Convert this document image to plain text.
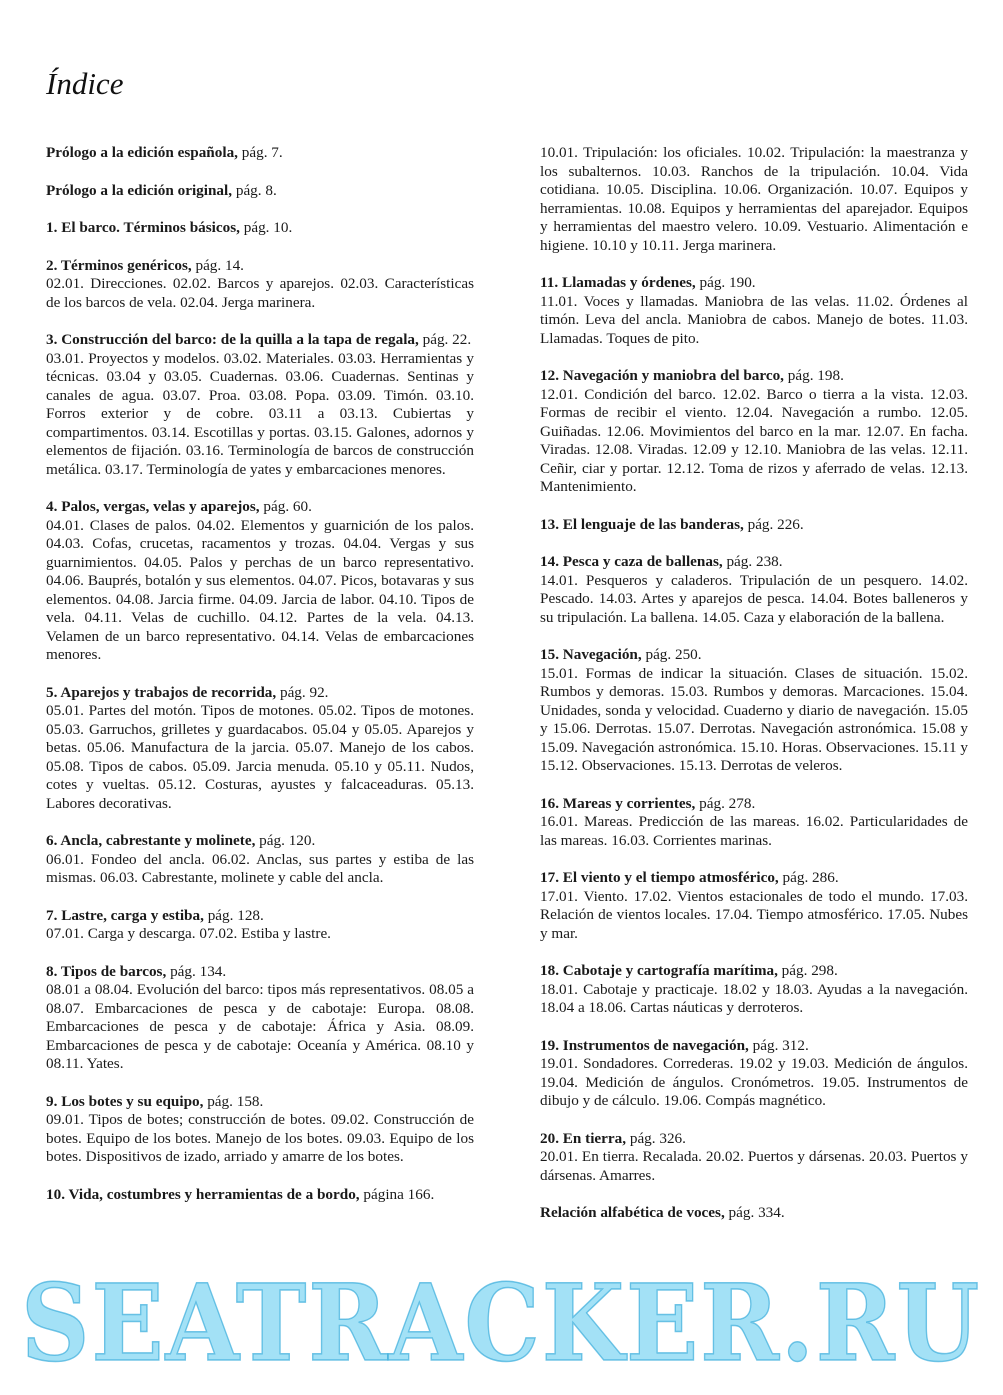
Índice
Prólogo a la edición española, pág. 7.
Prólogo a la edición original, pág. 8.
1. El barco. Términos básicos, pág. 10.
2. Términos genéricos, pág. 14.
02.01. Direcciones. 02.02. Barcos y aparejos. 02.03. Características de los barcos de vela. 02.04. Jerga marinera.
3. Construcción del barco: de la quilla a la tapa de regala, pág. 22.
03.01. Proyectos y modelos. 03.02. Materiales. 03.03. Herramientas y técnicas. 03.04 y 03.05. Cuadernas. 03.06. Cuadernas. Sentinas y canales de agua. 03.07. Proa. 03.08. Popa. 03.09. Timón. 03.10. Forros exterior y de cobre. 03.11 a 03.13. Cubiertas y compartimentos. 03.14. Escotillas y portas. 03.15. Galones, adornos y elementos de fijación. 03.16. Terminología de barcos de construcción metálica. 03.17. Terminología de yates y embarcaciones menores.
4. Palos, vergas, velas y aparejos, pág. 60.
04.01. Clases de palos. 04.02. Elementos y guarnición de los palos. 04.03. Cofas, crucetas, racamentos y trozas. 04.04. Vergas y sus guarnimientos. 04.05. Palos y perchas de un barco representativo. 04.06. Bauprés, botalón y sus elementos. 04.07. Picos, botavaras y sus elementos. 04.08. Jarcia firme. 04.09. Jarcia de labor. 04.10. Tipos de vela. 04.11. Velas de cuchillo. 04.12. Partes de la vela. 04.13. Velamen de un barco representativo. 04.14. Velas de embarcaciones menores.
5. Aparejos y trabajos de recorrida, pág. 92.
05.01. Partes del motón. Tipos de motones. 05.02. Tipos de motones. 05.03. Garruchos, grilletes y guardacabos. 05.04 y 05.05. Aparejos y betas. 05.06. Manufactura de la jarcia. 05.07. Manejo de los cabos. 05.08. Tipos de cabos. 05.09. Jarcia menuda. 05.10 y 05.11. Nudos, cotes y vueltas. 05.12. Costuras, ayustes y falcaceaduras. 05.13. Labores decorativas.
6. Ancla, cabrestante y molinete, pág. 120.
06.01. Fondeo del ancla. 06.02. Anclas, sus partes y estiba de las mismas. 06.03. Cabrestante, molinete y cable del ancla.
7. Lastre, carga y estiba, pág. 128.
07.01. Carga y descarga. 07.02. Estiba y lastre.
8. Tipos de barcos, pág. 134.
08.01 a 08.04. Evolución del barco: tipos más representativos. 08.05 a 08.07. Embarcaciones de pesca y de cabotaje: Europa. 08.08. Embarcaciones de pesca y de cabotaje: África y Asia. 08.09. Embarcaciones de pesca y de cabotaje: Oceanía y América. 08.10 y 08.11. Yates.
9. Los botes y su equipo, pág. 158.
09.01. Tipos de botes; construcción de botes. 09.02. Construcción de botes. Equipo de los botes. Manejo de los botes. 09.03. Equipo de los botes. Dispositivos de izado, arriado y amarre de los botes.
10. Vida, costumbres y herramientas de a bordo, página 166.
10.01. Tripulación: los oficiales. 10.02. Tripulación: la maestranza y los subalternos. 10.03. Ranchos de la tripulación. 10.04. Vida cotidiana. 10.05. Disciplina. 10.06. Organización. 10.07. Equipos y herramientas. 10.08. Equipos y herramientas del aparejador. Equipos y herramientas del maestro velero. 10.09. Vestuario. Alimentación e higiene. 10.10 y 10.11. Jerga marinera.
11. Llamadas y órdenes, pág. 190.
11.01. Voces y llamadas. Maniobra de las velas. 11.02. Órdenes al timón. Leva del ancla. Maniobra de cabos. Manejo de botes. 11.03. Llamadas. Toques de pito.
12. Navegación y maniobra del barco, pág. 198.
12.01. Condición del barco. 12.02. Barco o tierra a la vista. 12.03. Formas de recibir el viento. 12.04. Navegación a rumbo. 12.05. Guiñadas. 12.06. Movimientos del barco en la mar. 12.07. En facha. Viradas. 12.08. Viradas. 12.09 y 12.10. Maniobra de las velas. 12.11. Ceñir, ciar y portar. 12.12. Toma de rizos y aferrado de velas. 12.13. Mantenimiento.
13. El lenguaje de las banderas, pág. 226.
14. Pesca y caza de ballenas, pág. 238.
14.01. Pesqueros y caladeros. Tripulación de un pesquero. 14.02. Pescado. 14.03. Artes y aparejos de pesca. 14.04. Botes balleneros y su tripulación. La ballena. 14.05. Caza y elaboración de la ballena.
15. Navegación, pág. 250.
15.01. Formas de indicar la situación. Clases de situación. 15.02. Rumbos y demoras. 15.03. Rumbos y demoras. Marcaciones. 15.04. Unidades, sonda y velocidad. Cuaderno y diario de navegación. 15.05 y 15.06. Derrotas. 15.07. Derrotas. Navegación astronómica. 15.08 y 15.09. Navegación astronómica. 15.10. Horas. Observaciones. 15.11 y 15.12. Observaciones. 15.13. Derrotas de veleros.
16. Mareas y corrientes, pág. 278.
16.01. Mareas. Predicción de las mareas. 16.02. Particularidades de las mareas. 16.03. Corrientes marinas.
17. El viento y el tiempo atmosférico, pág. 286.
17.01. Viento. 17.02. Vientos estacionales de todo el mundo. 17.03. Relación de vientos locales. 17.04. Tiempo atmosférico. 17.05. Nubes y mar.
18. Cabotaje y cartografía marítima, pág. 298.
18.01. Cabotaje y practicaje. 18.02 y 18.03. Ayudas a la navegación. 18.04 a 18.06. Cartas náuticas y derroteros.
19. Instrumentos de navegación, pág. 312.
19.01. Sondadores. Correderas. 19.02 y 19.03. Medición de ángulos. 19.04. Medición de ángulos. Cronómetros. 19.05. Instrumentos de dibujo y de cálculo. 19.06. Compás magnético.
20. En tierra, pág. 326.
20.01. En tierra. Recalada. 20.02. Puertos y dársenas. 20.03. Puertos y dársenas. Amarres.
Relación alfabética de voces, pág. 334.
SEATRACKER.RU
